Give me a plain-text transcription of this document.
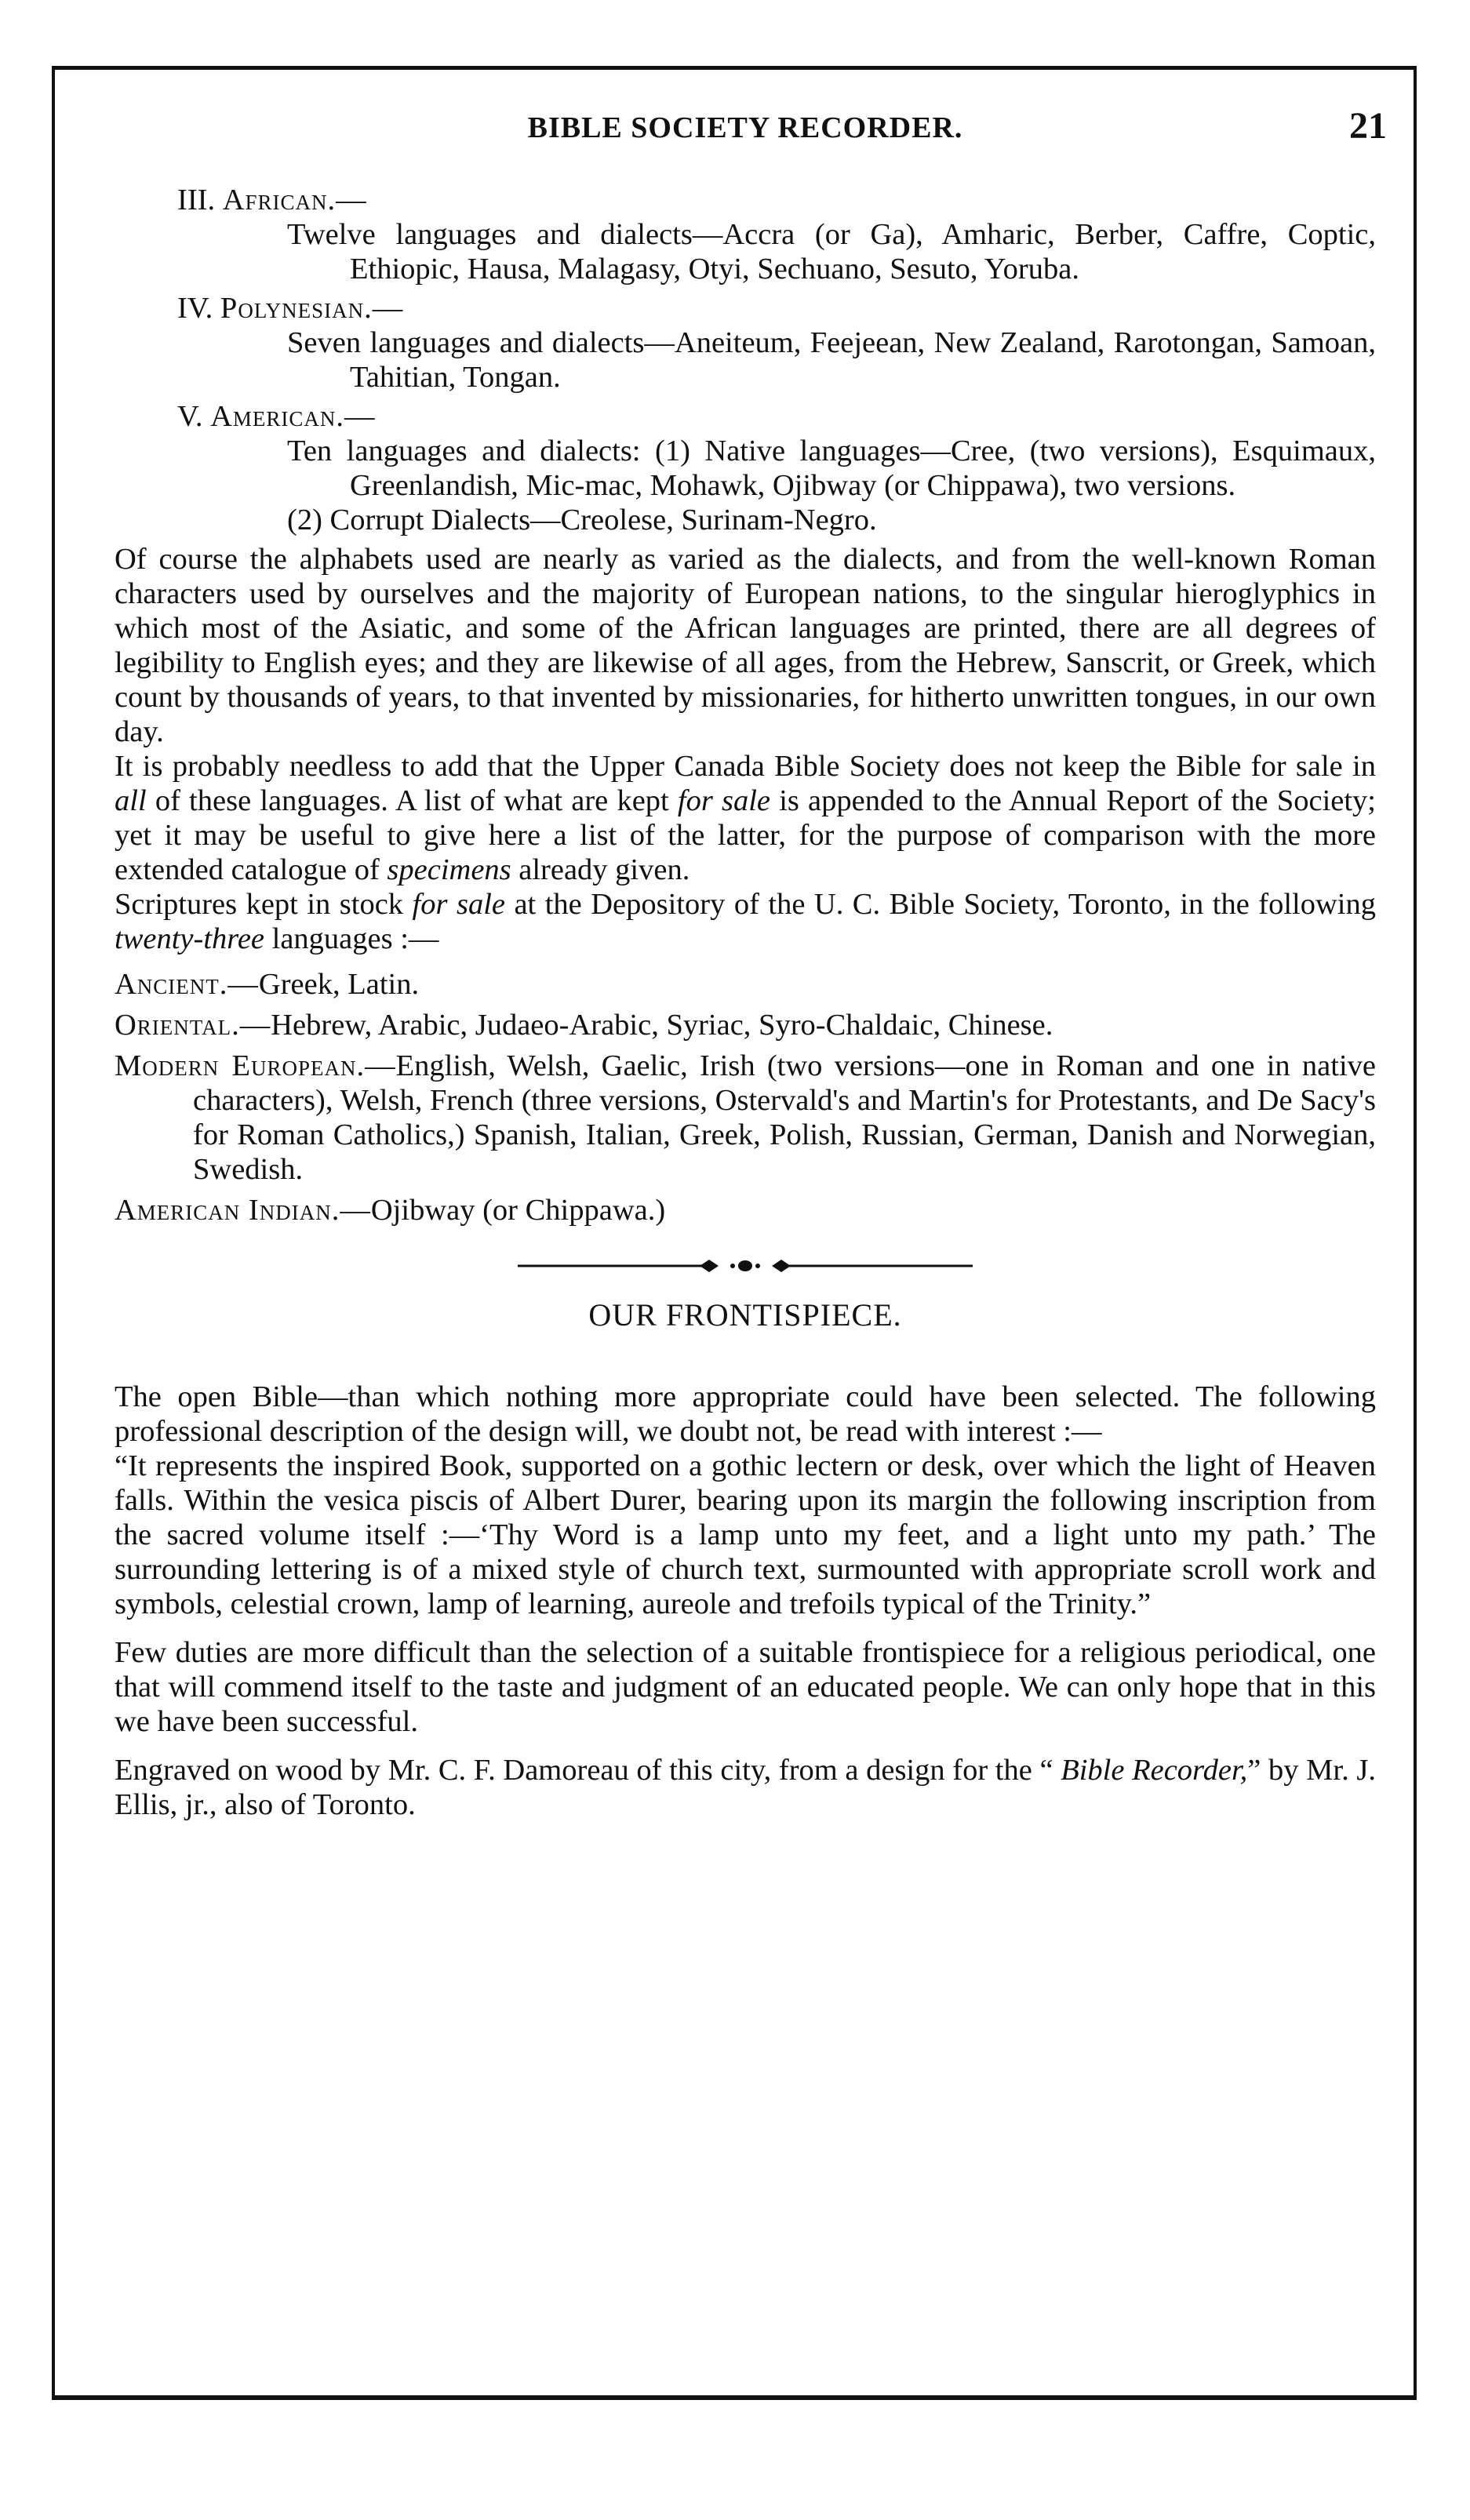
BIBLE SOCIETY RECORDER.	21

III. African.—

Twelve languages and dialects—Accra (or Ga), Amharic, Berber, Caffre, Coptic, Ethiopic, Hausa, Malagasy, Otyi, Sechuano, Sesuto, Yoruba.

IV. Polynesian.—

Seven languages and dialects—Aneiteum, Feejeean, New Zealand, Rarotongan, Samoan, Tahitian, Tongan.

V. American.—

Ten languages and dialects: (1) Native languages—Cree, (two versions), Esquimaux, Greenlandish, Mic-mac, Mohawk, Ojibway (or Chippawa), two versions.

(2) Corrupt Dialects—Creolese, Surinam-Negro.

Of course the alphabets used are nearly as varied as the dialects, and from the well-known Roman characters used by ourselves and the majority of European nations, to the singular hieroglyphics in which most of the Asiatic, and some of the African languages are printed, there are all degrees of legibility to English eyes; and they are likewise of all ages, from the Hebrew, Sanscrit, or Greek, which count by thousands of years, to that invented by missionaries, for hitherto unwritten tongues, in our own day.

It is probably needless to add that the Upper Canada Bible Society does not keep the Bible for sale in all of these languages. A list of what are kept for sale is appended to the Annual Report of the Society; yet it may be useful to give here a list of the latter, for the purpose of comparison with the more extended catalogue of specimens already given.

Scriptures kept in stock for sale at the Depository of the U. C. Bible Society, Toronto, in the following twenty-three languages :—

Ancient.—Greek, Latin.

Oriental.—Hebrew, Arabic, Judaeo-Arabic, Syriac, Syro-Chaldaic, Chinese.

Modern European.—English, Welsh, Gaelic, Irish (two versions—one in Roman and one in native characters), Welsh, French (three versions, Ostervald's and Martin's for Protestants, and De Sacy's for Roman Catholics,) Spanish, Italian, Greek, Polish, Russian, German, Danish and Norwegian, Swedish.

American Indian.—Ojibway (or Chippawa.)

OUR FRONTISPIECE.

The open Bible—than which nothing more appropriate could have been selected. The following professional description of the design will, we doubt not, be read with interest :—

“It represents the inspired Book, supported on a gothic lectern or desk, over which the light of Heaven falls. Within the vesica piscis of Albert Durer, bearing upon its margin the following inscription from the sacred volume itself :—‘Thy Word is a lamp unto my feet, and a light unto my path.’ The surrounding lettering is of a mixed style of church text, surmounted with appropriate scroll work and symbols, celestial crown, lamp of learning, aureole and trefoils typical of the Trinity.”

Few duties are more difficult than the selection of a suitable frontispiece for a religious periodical, one that will commend itself to the taste and judgment of an educated people. We can only hope that in this we have been successful.

Engraved on wood by Mr. C. F. Damoreau of this city, from a design for the “ Bible Recorder,” by Mr. J. Ellis, jr., also of Toronto.
